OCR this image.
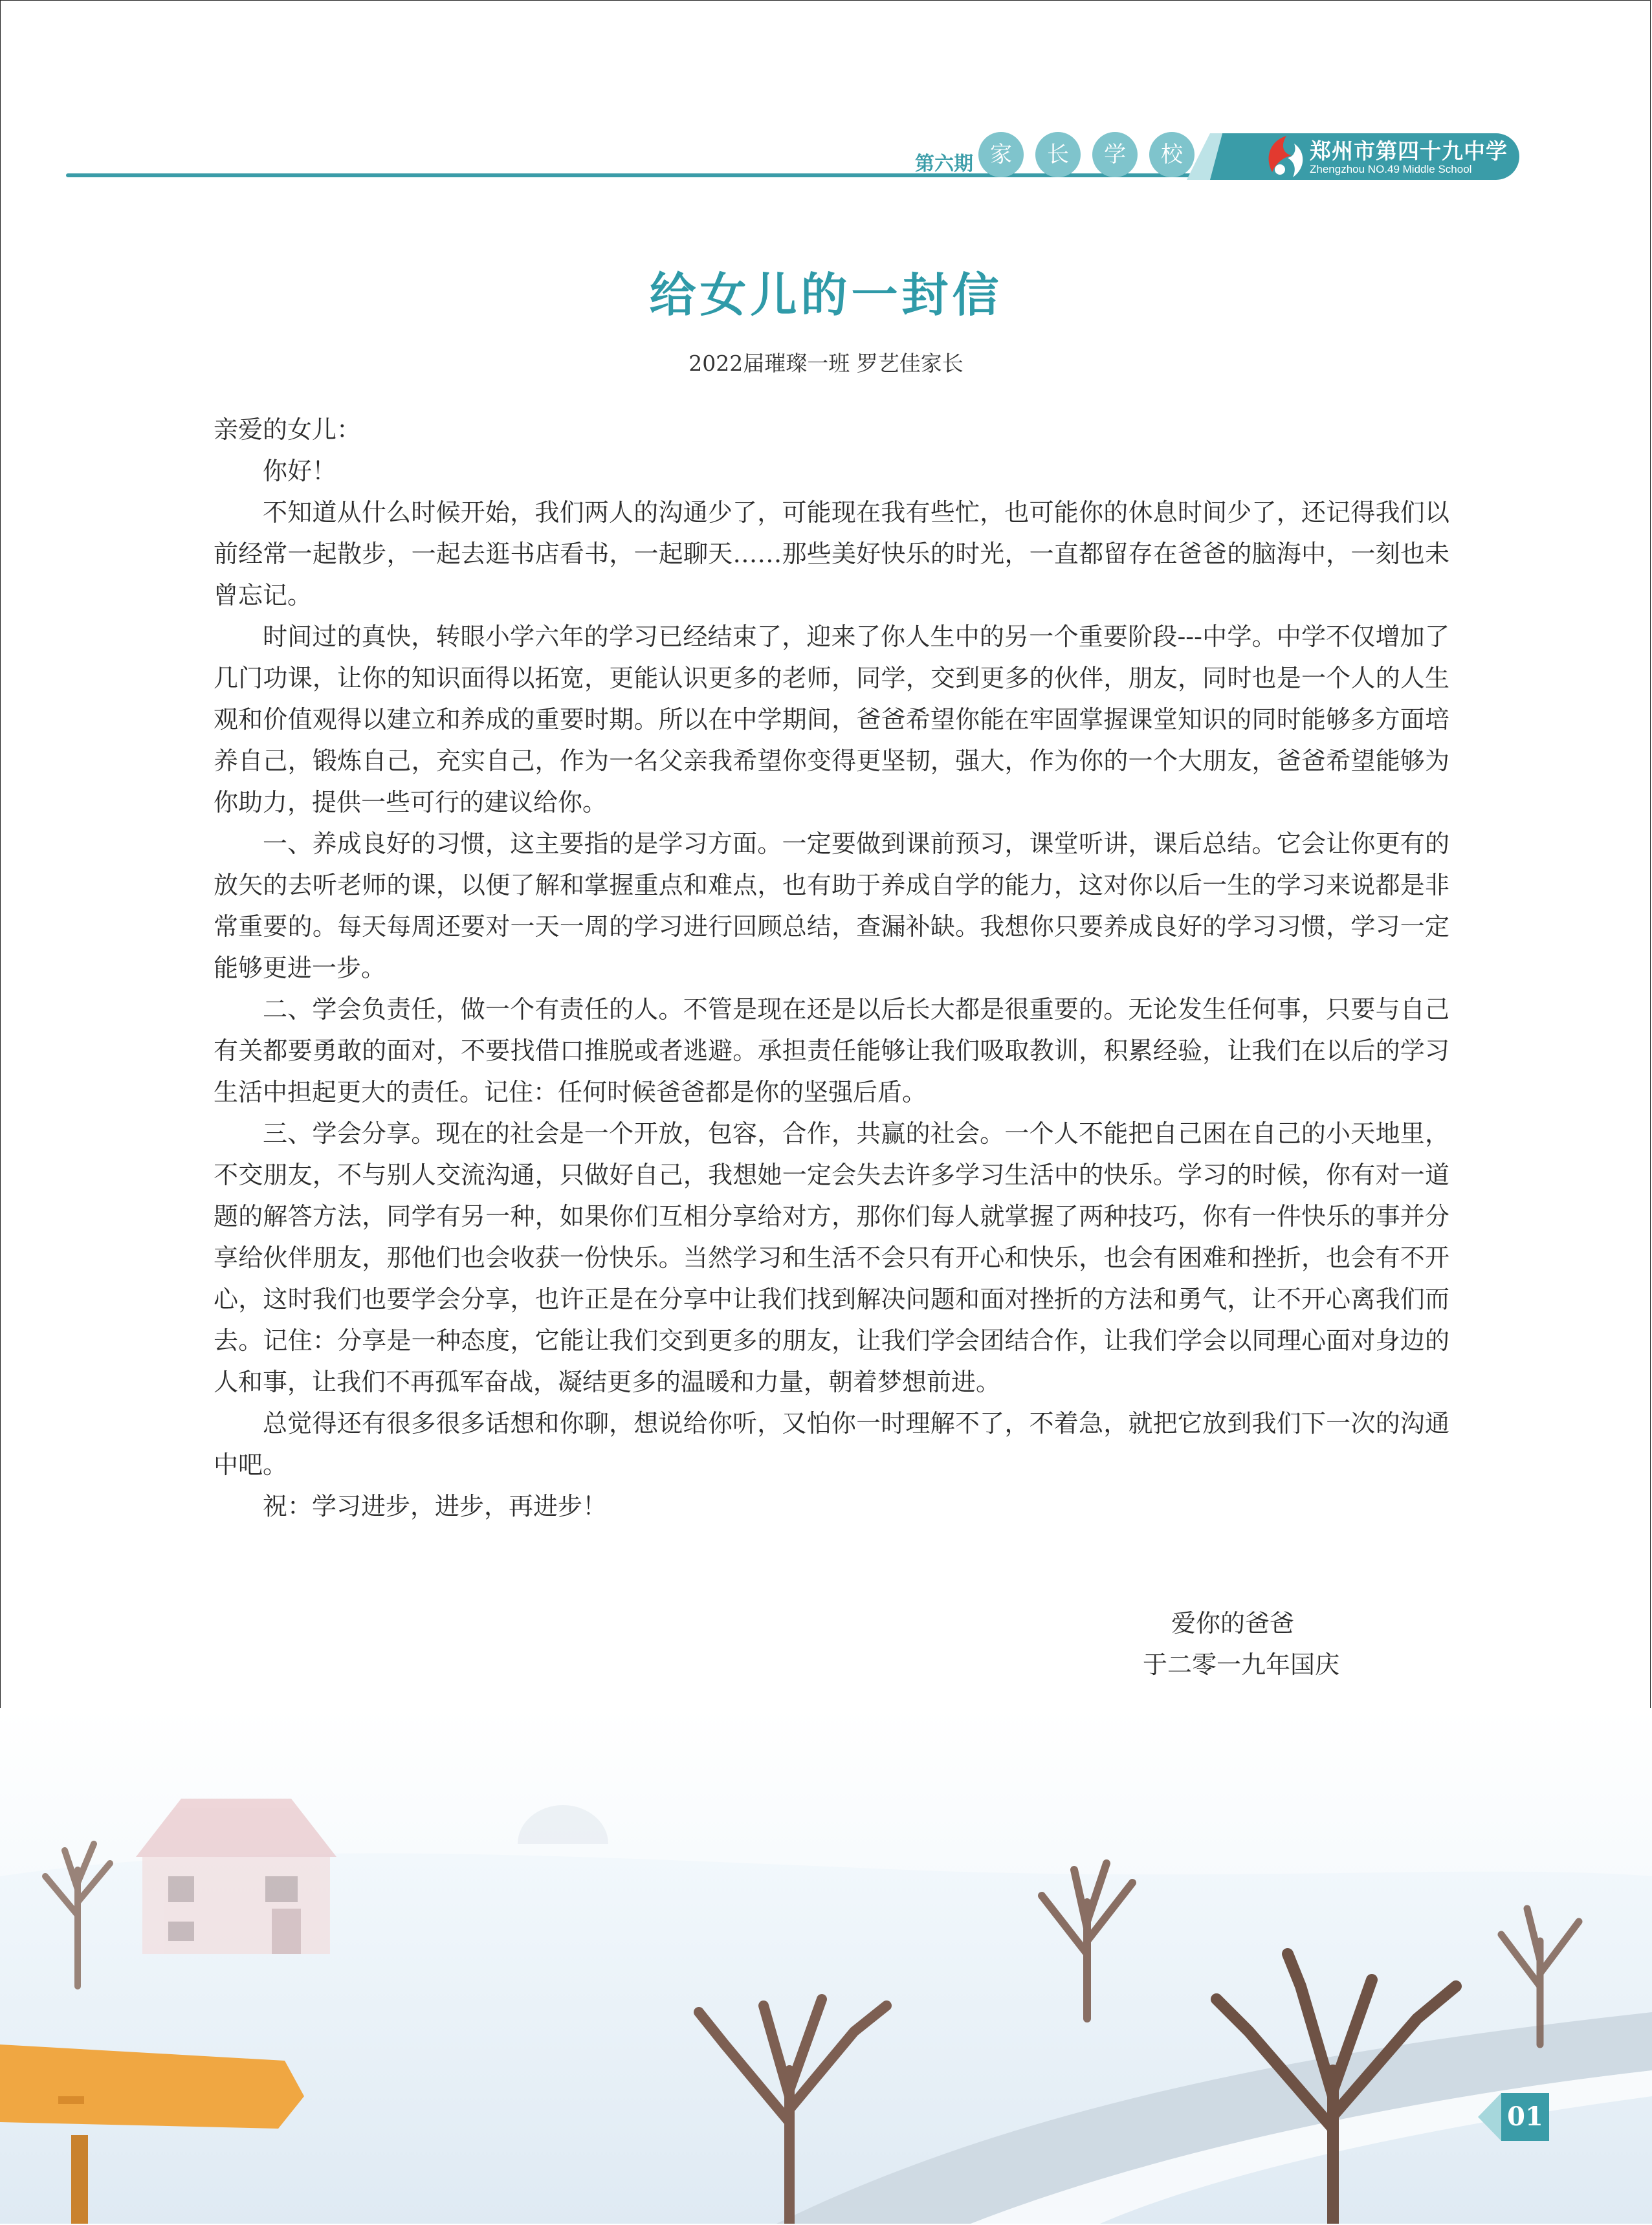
第六期 家	长	学	校	郑州市第四十九中学
Zhengzhou NO.49 Middle School
给女儿的一封信
2022届璀璨一班 罗艺佳家长
亲爱的女儿：

你好！

不知道从什么时候开始，我们两人的沟通少了，可能现在我有些忙，也可能你的休息时间少了，还记得我们以前经常一起散步，一起去逛书店看书，一起聊天……那些美好快乐的时光，一直都留存在爸爸的脑海中，一刻也未曾忘记。

时间过的真快，转眼小学六年的学习已经结束了，迎来了你人生中的另一个重要阶段---中学。中学不仅增加了几门功课，让你的知识面得以拓宽，更能认识更多的老师，同学，交到更多的伙伴，朋友，同时也是一个人的人生观和价值观得以建立和养成的重要时期。所以在中学期间，爸爸希望你能在牢固掌握课堂知识的同时能够多方面培养自己，锻炼自己，充实自己，作为一名父亲我希望你变得更坚韧，强大，作为你的一个大朋友，爸爸希望能够为你助力，提供一些可行的建议给你。

一、养成良好的习惯，这主要指的是学习方面。一定要做到课前预习，课堂听讲，课后总结。它会让你更有的放矢的去听老师的课，以便了解和掌握重点和难点，也有助于养成自学的能力，这对你以后一生的学习来说都是非常重要的。每天每周还要对一天一周的学习进行回顾总结，查漏补缺。我想你只要养成良好的学习习惯，学习一定能够更进一步。

二、学会负责任，做一个有责任的人。不管是现在还是以后长大都是很重要的。无论发生任何事，只要与自己有关都要勇敢的面对，不要找借口推脱或者逃避。承担责任能够让我们吸取教训，积累经验，让我们在以后的学习生活中担起更大的责任。记住：任何时候爸爸都是你的坚强后盾。

三、学会分享。现在的社会是一个开放，包容，合作，共赢的社会。一个人不能把自己困在自己的小天地里，不交朋友，不与别人交流沟通，只做好自己，我想她一定会失去许多学习生活中的快乐。学习的时候，你有对一道题的解答方法，同学有另一种，如果你们互相分享给对方，那你们每人就掌握了两种技巧，你有一件快乐的事并分享给伙伴朋友，那他们也会收获一份快乐。当然学习和生活不会只有开心和快乐，也会有困难和挫折，也会有不开心，这时我们也要学会分享，也许正是在分享中让我们找到解决问题和面对挫折的方法和勇气，让不开心离我们而去。记住：分享是一种态度，它能让我们交到更多的朋友，让我们学会团结合作，让我们学会以同理心面对身边的人和事，让我们不再孤军奋战，凝结更多的温暖和力量，朝着梦想前进。

总觉得还有很多很多话想和你聊，想说给你听，又怕你一时理解不了，不着急，就把它放到我们下一次的沟通中吧。

祝：学习进步，进步，再进步！

爱你的爸爸
于二零一九年国庆
01
